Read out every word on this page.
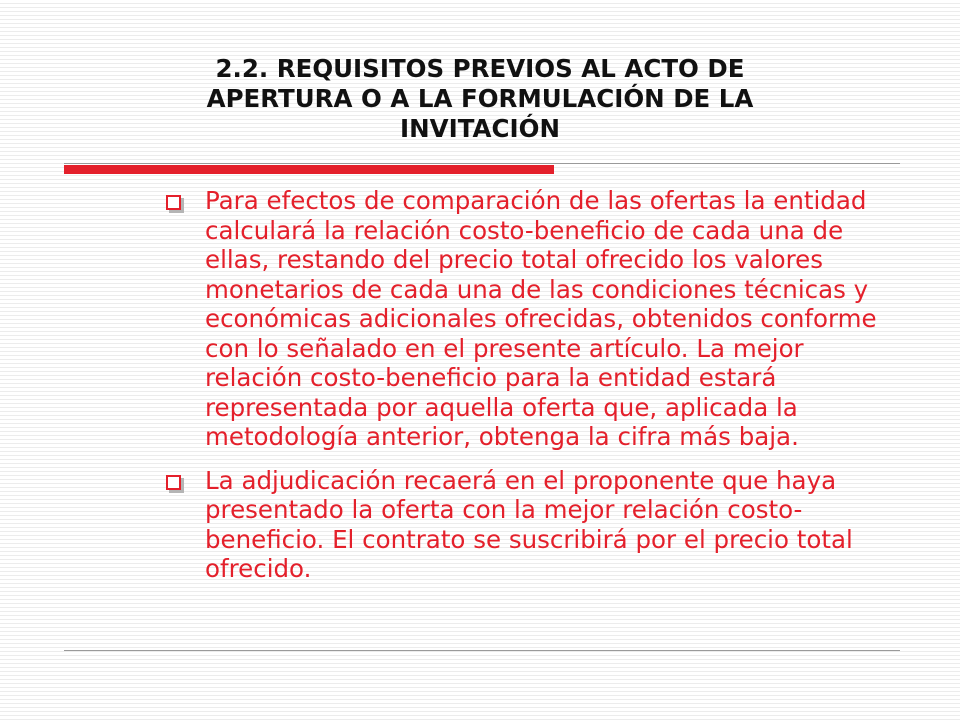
2.2. REQUISITOS PREVIOS AL ACTO DE
APERTURA O A LA FORMULACIÓN DE LA
INVITACIÓN
Para efectos de comparación de las ofertas la entidad calculará la relación costo-beneficio de cada una de ellas, restando del precio total ofrecido los valores monetarios de cada una de las condiciones técnicas y económicas adicionales ofrecidas, obtenidos conforme con lo señalado en el presente artículo. La mejor relación costo-beneficio para la entidad estará representada por aquella oferta que, aplicada la metodología anterior, obtenga la cifra más baja.
La adjudicación recaerá en el proponente que haya presentado la oferta con la mejor relación costo-beneficio. El contrato se suscribirá por el precio total ofrecido.
